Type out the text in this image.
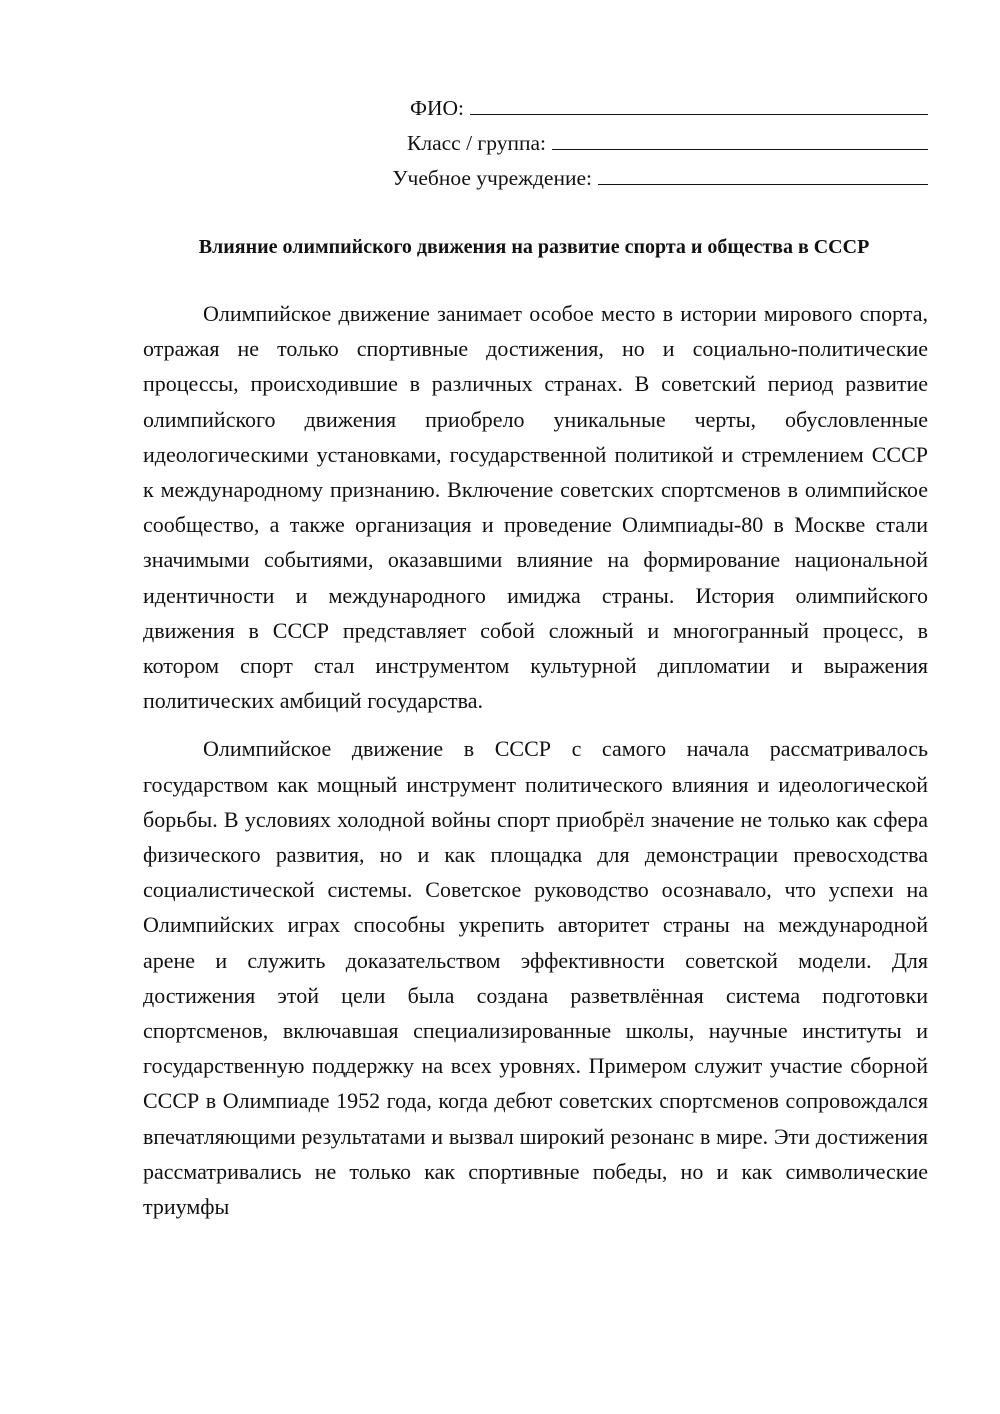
ФИО:
Класс / группа:
Учебное учреждение:
Влияние олимпийского движения на развитие спорта и общества в СССР

Олимпийское движение занимает особое место в истории мирового спорта, отражая не только спортивные достижения, но и социально-политические процессы, происходившие в различных странах. В советский период развитие олимпийского движения приобрело уникальные черты, обусловленные идеологическими установками, государственной политикой и стремлением СССР к международному признанию. Включение советских спортсменов в олимпийское сообщество, а также организация и проведение Олимпиады-80 в Москве стали значимыми событиями, оказавшими влияние на формирование национальной идентичности и международного имиджа страны. История олимпийского движения в СССР представляет собой сложный и многогранный процесс, в котором спорт стал инструментом культурной дипломатии и выражения политических амбиций государства.

Олимпийское движение в СССР с самого начала рассматривалось государством как мощный инструмент политического влияния и идеологической борьбы. В условиях холодной войны спорт приобрёл значение не только как сфера физического развития, но и как площадка для демонстрации превосходства социалистической системы. Советское руководство осознавало, что успехи на Олимпийских играх способны укрепить авторитет страны на международной арене и служить доказательством эффективности советской модели. Для достижения этой цели была создана разветвлённая система подготовки спортсменов, включавшая специализированные школы, научные институты и государственную поддержку на всех уровнях. Примером служит участие сборной СССР в Олимпиаде 1952 года, когда дебют советских спортсменов сопровождался впечатляющими результатами и вызвал широкий резонанс в мире. Эти достижения рассматривались не только как спортивные победы, но и как символические триумфы
